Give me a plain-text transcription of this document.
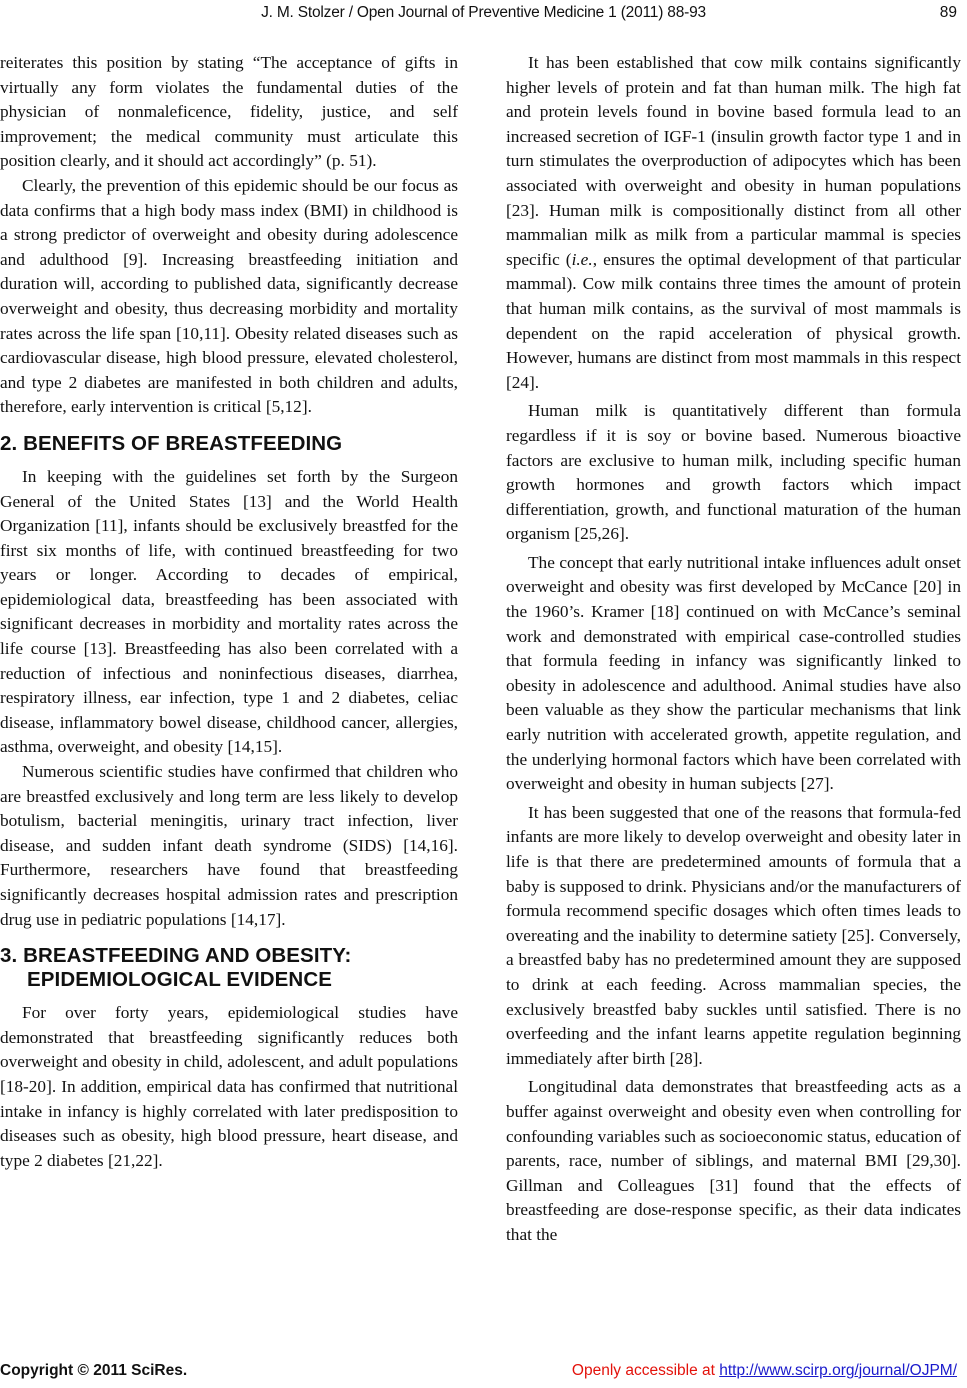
J. M. Stolzer / Open Journal of Preventive Medicine 1 (2011) 88-93	89

reiterates this position by stating “The acceptance of gifts in virtually any form violates the fundamental duties of the physician of nonmaleficence, fidelity, justice, and self improvement; the medical community must articulate this position clearly, and it should act accordingly” (p. 51).

Clearly, the prevention of this epidemic should be our focus as data confirms that a high body mass index (BMI) in childhood is a strong predictor of overweight and obesity during adolescence and adulthood [9]. Increasing breastfeeding initiation and duration will, according to published data, significantly decrease overweight and obesity, thus decreasing morbidity and mortality rates across the life span [10,11]. Obesity related diseases such as cardiovascular disease, high blood pressure, elevated cholesterol, and type 2 diabetes are manifested in both children and adults, therefore, early intervention is critical [5,12].

2. BENEFITS OF BREASTFEEDING

In keeping with the guidelines set forth by the Surgeon General of the United States [13] and the World Health Organization [11], infants should be exclusively breastfed for the first six months of life, with continued breastfeeding for two years or longer. According to decades of empirical, epidemiological data, breastfeeding has been associated with significant decreases in morbidity and mortality rates across the life course [13]. Breastfeeding has also been correlated with a reduction of infectious and noninfectious diseases, diarrhea, respiratory illness, ear infection, type 1 and 2 diabetes, celiac disease, inflammatory bowel disease, childhood cancer, allergies, asthma, overweight, and obesity [14,15].

Numerous scientific studies have confirmed that children who are breastfed exclusively and long term are less likely to develop botulism, bacterial meningitis, urinary tract infection, liver disease, and sudden infant death syndrome (SIDS) [14,16]. Furthermore, researchers have found that breastfeeding significantly decreases hospital admission rates and prescription drug use in pediatric populations [14,17].

3. BREASTFEEDING AND OBESITY:
EPIDEMIOLOGICAL EVIDENCE

For over forty years, epidemiological studies have demonstrated that breastfeeding significantly reduces both overweight and obesity in child, adolescent, and adult populations [18-20]. In addition, empirical data has confirmed that nutritional intake in infancy is highly correlated with later predisposition to diseases such as obesity, high blood pressure, heart disease, and type 2 diabetes [21,22].

It has been established that cow milk contains significantly higher levels of protein and fat than human milk. The high fat and protein levels found in bovine based formula lead to an increased secretion of IGF-1 (insulin growth factor type 1 and in turn stimulates the overproduction of adipocytes which has been associated with overweight and obesity in human populations [23]. Human milk is compositionally distinct from all other mammalian milk as milk from a particular mammal is species specific (i.e., ensures the optimal development of that particular mammal). Cow milk contains three times the amount of protein that human milk contains, as the survival of most mammals is dependent on the rapid acceleration of physical growth. However, humans are distinct from most mammals in this respect [24].

Human milk is quantitatively different than formula regardless if it is soy or bovine based. Numerous bioactive factors are exclusive to human milk, including specific human growth hormones and growth factors which impact differentiation, growth, and functional maturation of the human organism [25,26].

The concept that early nutritional intake influences adult onset overweight and obesity was first developed by McCance [20] in the 1960’s. Kramer [18] continued on with McCance’s seminal work and demonstrated with empirical case-controlled studies that formula feeding in infancy was significantly linked to obesity in adolescence and adulthood. Animal studies have also been valuable as they show the particular mechanisms that link early nutrition with accelerated growth, appetite regulation, and the underlying hormonal factors which have been correlated with overweight and obesity in human subjects [27].

It has been suggested that one of the reasons that formula-fed infants are more likely to develop overweight and obesity later in life is that there are predetermined amounts of formula that a baby is supposed to drink. Physicians and/or the manufacturers of formula recommend specific dosages which often times leads to overeating and the inability to determine satiety [25]. Conversely, a breastfed baby has no predetermined amount they are supposed to drink at each feeding. Across mammalian species, the exclusively breastfed baby suckles until satisfied. There is no overfeeding and the infant learns appetite regulation beginning immediately after birth [28].

Longitudinal data demonstrates that breastfeeding acts as a buffer against overweight and obesity even when controlling for confounding variables such as socioeconomic status, education of parents, race, number of siblings, and maternal BMI [29,30]. Gillman and Colleagues [31] found that the effects of breastfeeding are dose-response specific, as their data indicates that the

Copyright © 2011 SciRes.	Openly accessible at http://www.scirp.org/journal/OJPM/
